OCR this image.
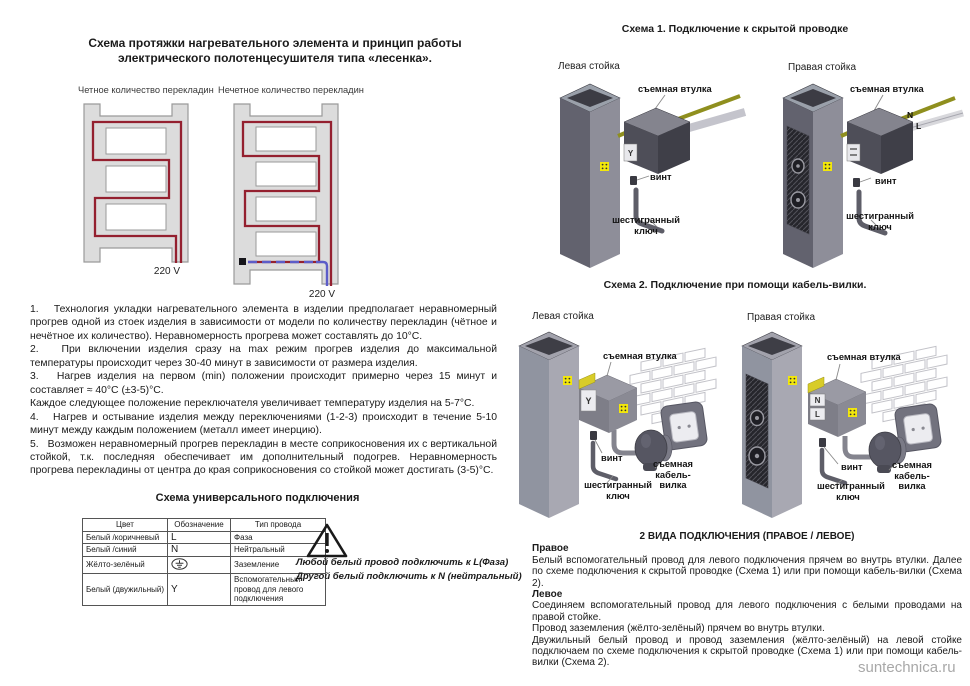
Схема протяжки нагревательного элемента и принцип работы
электрического полотенцесушителя типа «лесенка».
Четное количество перекладин Нечетное количество перекладин
220 V
220 V

1.   Технология укладки нагревательного элемента в изделии предполагает неравномерный прогрев одной из стоек изделия в зависимости от модели по количеству перекладин (чётное и нечётное их количество). Неравномерность прогрева может составлять до 10°С.

2.   При включении изделия сразу на max режим прогрев изделия до максимальной температуры происходит через 30-40 минут в зависимости от размера изделия.

3.   Нагрев изделия на первом (min) положении происходит примерно через 15 минут и составляет ≈ 40°С (±3-5)°С.

Каждое следующее положение переключателя увеличивает температуру изделия на 5-7°С.

4.   Нагрев и остывание изделия между переключениями (1-2-3) происходит в течение 5-10 минут между каждым положением (металл имеет инерцию).

5.   Возможен неравномерный прогрев перекладин в месте соприкосновения их с вертикальной стойкой, т.к. последняя обеспечивает им дополнительный подогрев. Неравномерность прогрева перекладины от центра до края соприкосновения со стойкой может достигать (3-5)°С.

Схема универсального подключения
Цвет	Обозначение	Тип провода
Белый /коричневый	L	Фаза
Белый /синий	N	Нейтральный
Жёлто-зелёный		Заземление
Белый (двужильный)	Y	Вспомогательный провод для левого подключения
Любой белый провод подключить к L(Фаза)
Другой белый подключить к N (нейтральный)
Схема 1. Подключение к скрытой проводке
Левая стойка	Правая стойка
Y
съемная втулка
винт
шестигранный
ключ
N
L
съемная втулка
винт
шестигранный
ключ
Схема 2. Подключение при помощи кабель-вилки.
Левая стойка	Правая стойка
Y
съемная втулка
винт
шестигранный
ключ
съемная
кабель-вилка
N
L
съемная втулка
винт
шестигранный
ключ
съемная
кабель-вилка

2 ВИДА ПОДКЛЮЧЕНИЯ (ПРАВОЕ / ЛЕВОЕ)

Правое

Белый вспомогательный провод для левого подключения прячем во внутрь втулки. Далее по схеме подключения к скрытой проводке (Схема 1) или при помощи кабель-вилки (Схема 2).

Левое

Соединяем вспомогательный провод для левого подключения с белыми проводами на правой стойке.

Провод заземления (жёлто-зелёный) прячем во внутрь втулки.

Двужильный белый провод и провод заземления (жёлто-зелёный) на левой стойке подключаем по схеме подключения к скрытой проводке (Схема 1) или при помощи кабель-вилки (Схема 2).	suntechnica.ru
